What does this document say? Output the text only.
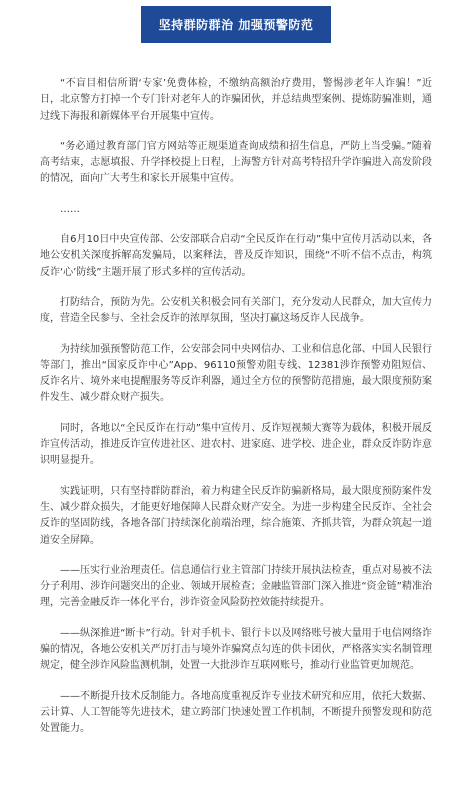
坚持群防群治 加强预警防范

“不盲目相信所谓‘专家’免费体检，不缴纳高额治疗费用，警惕涉老年人诈骗！”近日，北京警方打掉一个专门针对老年人的诈骗团伙，并总结典型案例、提炼防骗准则，通过线下海报和新媒体平台开展集中宣传。

“务必通过教育部门官方网站等正规渠道查询成绩和招生信息，严防上当受骗。”随着高考结束，志愿填报、升学择校提上日程，上海警方针对高考特招升学诈骗进入高发阶段的情况，面向广大考生和家长开展集中宣传。

……

自6月10日中央宣传部、公安部联合启动“全民反诈在行动”集中宣传月活动以来，各地公安机关深度拆解高发骗局，以案释法，普及反诈知识，围绕“不听不信不点击，构筑反诈‘心’防线”主题开展了形式多样的宣传活动。

打防结合，预防为先。公安机关积极会同有关部门，充分发动人民群众，加大宣传力度，营造全民参与、全社会反诈的浓厚氛围，坚决打赢这场反诈人民战争。

为持续加强预警防范工作，公安部会同中央网信办、工业和信息化部、中国人民银行等部门，推出“国家反诈中心”App、96110预警劝阻专线、12381涉诈预警劝阻短信、反诈名片、境外来电提醒服务等反诈利器，通过全方位的预警防范措施，最大限度预防案件发生、减少群众财产损失。

同时，各地以“全民反诈在行动”集中宣传月、反诈短视频大赛等为载体，积极开展反诈宣传活动，推进反诈宣传进社区、进农村、进家庭、进学校、进企业，群众反诈防诈意识明显提升。

实践证明，只有坚持群防群治，着力构建全民反诈防骗新格局，最大限度预防案件发生、减少群众损失，才能更好地保障人民群众财产安全。为进一步构建全民反诈、全社会反诈的坚固防线，各地各部门持续深化前端治理，综合施策、齐抓共管，为群众筑起一道道安全屏障。

——压实行业治理责任。信息通信行业主管部门持续开展执法检查，重点对易被不法分子利用、涉诈问题突出的企业、领域开展检查；金融监管部门深入推进“资金链”精准治理，完善金融反诈一体化平台，涉诈资金风险防控效能持续提升。

——纵深推进“断卡”行动。针对手机卡、银行卡以及网络账号被大量用于电信网络诈骗的情况，各地公安机关严厉打击与境外诈骗窝点勾连的供卡团伙，严格落实实名制管理规定，健全涉诈风险监测机制，处置一大批涉诈互联网账号，推动行业监管更加规范。

——不断提升技术反制能力。各地高度重视反诈专业技术研究和应用，依托大数据、云计算、人工智能等先进技术，建立跨部门快速处置工作机制，不断提升预警发现和防范处置能力。
